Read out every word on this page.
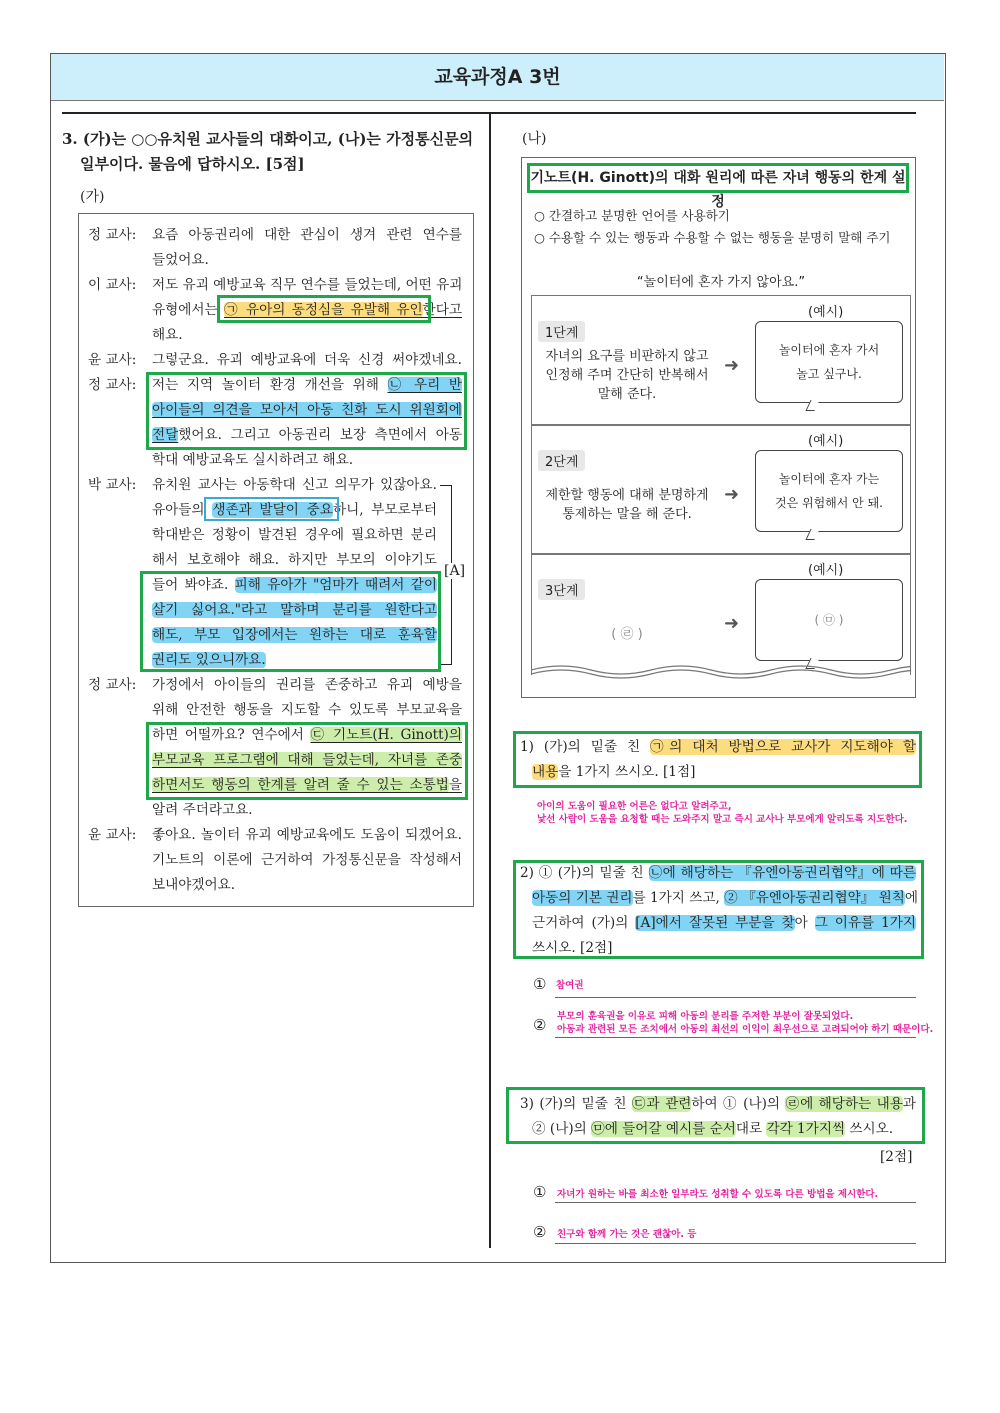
교육과정A 3번
3. (가)는 ○○유치원 교사들의 대화이고, (나)는 가정통신문의
일부이다. 물음에 답하시오. [5점]
(가)
정 교사: 요즘 아동권리에 대한 관심이 생겨 관련 연수를
들었어요.
이 교사: 저도 유괴 예방교육 직무 연수를 들었는데, 어떤 유괴
유형에서는 ㉠ 유아의 동정심을 유발해 유인한다고
해요.
윤 교사: 그렇군요. 유괴 예방교육에 더욱 신경 써야겠네요.
정 교사: 저는 지역 놀이터 환경 개선을 위해 ㉡ 우리 반
아이들의 의견을 모아서 아동 친화 도시 위원회에
전달했어요. 그리고 아동권리 보장 측면에서 아동
학대 예방교육도 실시하려고 해요.
박 교사: 유치원 교사는 아동학대 신고 의무가 있잖아요.
유아들의 생존과 발달이 중요하니, 부모로부터
학대받은 정황이 발견된 경우에 필요하면 분리
해서 보호해야 해요. 하지만 부모의 이야기도
들어 봐야죠. 피해 유아가 "엄마가 때려서 같이
살기 싫어요."라고 말하며 분리를 원한다고
해도, 부모 입장에서는 원하는 대로 훈육할
권리도 있으니까요.
정 교사: 가정에서 아이들의 권리를 존중하고 유괴 예방을
위해 안전한 행동을 지도할 수 있도록 부모교육을
하면 어떨까요? 연수에서 ㉢ 기노트(H. Ginott)의
부모교육 프로그램에 대해 들었는데, 자녀를 존중
하면서도 행동의 한계를 알려 줄 수 있는 소통법을
알려 주더라고요.
윤 교사: 좋아요. 놀이터 유괴 예방교육에도 도움이 되겠어요.
기노트의 이론에 근거하여 가정통신문을 작성해서
보내야겠어요.
[A]
(나)
기노트(H. Ginott)의 대화 원리에 따른 자녀 행동의 한계 설정
○ 간결하고 분명한 언어를 사용하기
○ 수용할 수 있는 행동과 수용할 수 없는 행동을 분명히 말해 주기
“놀이터에 혼자 가지 않아요.”
(예시)
1단계
자녀의 요구를 비판하지 않고
인정해 주며 간단히 반복해서
말해 준다.
➜
놀이터에 혼자 가서
놀고 싶구나.
(예시)
2단계
제한할 행동에 대해 분명하게
통제하는 말을 해 준다.
➜
놀이터에 혼자 가는
것은 위험해서 안 돼.
(예시)
3단계
( ㉣ )
➜	( ㉤ )
1) (가)의 밑줄 친 ㉠의 대처 방법으로 교사가 지도해야 할
내용을 1가지 쓰시오. [1점]
아이의 도움이 필요한 어른은 없다고 알려주고,
낯선 사람이 도움을 요청할 때는 도와주지 말고 즉시 교사나 부모에게 알리도록 지도한다.
2) ① (가)의 밑줄 친 ㉡에 해당하는 『유엔아동권리협약』에 따른
아동의 기본 권리를 1가지 쓰고, ② 『유엔아동권리협약』 원칙에
근거하여 (가)의 [A]에서 잘못된 부분을 찾아 그 이유를 1가지
쓰시오. [2점]
① 참여권
② 부모의 훈육권을 이유로 피해 아동의 분리를 주저한 부분이 잘못되었다.
아동과 관련된 모든 조치에서 아동의 최선의 이익이 최우선으로 고려되어야 하기 때문이다.
3) (가)의 밑줄 친 ㉢과 관련하여 ① (나)의 ㉣에 해당하는 내용과
② (나)의 ㉤에 들어갈 예시를 순서대로 각각 1가지씩 쓰시오.
[2점]
① 자녀가 원하는 바를 최소한 일부라도 성취할 수 있도록 다른 방법을 제시한다.
② 친구와 함께 가는 것은 괜찮아. 등
